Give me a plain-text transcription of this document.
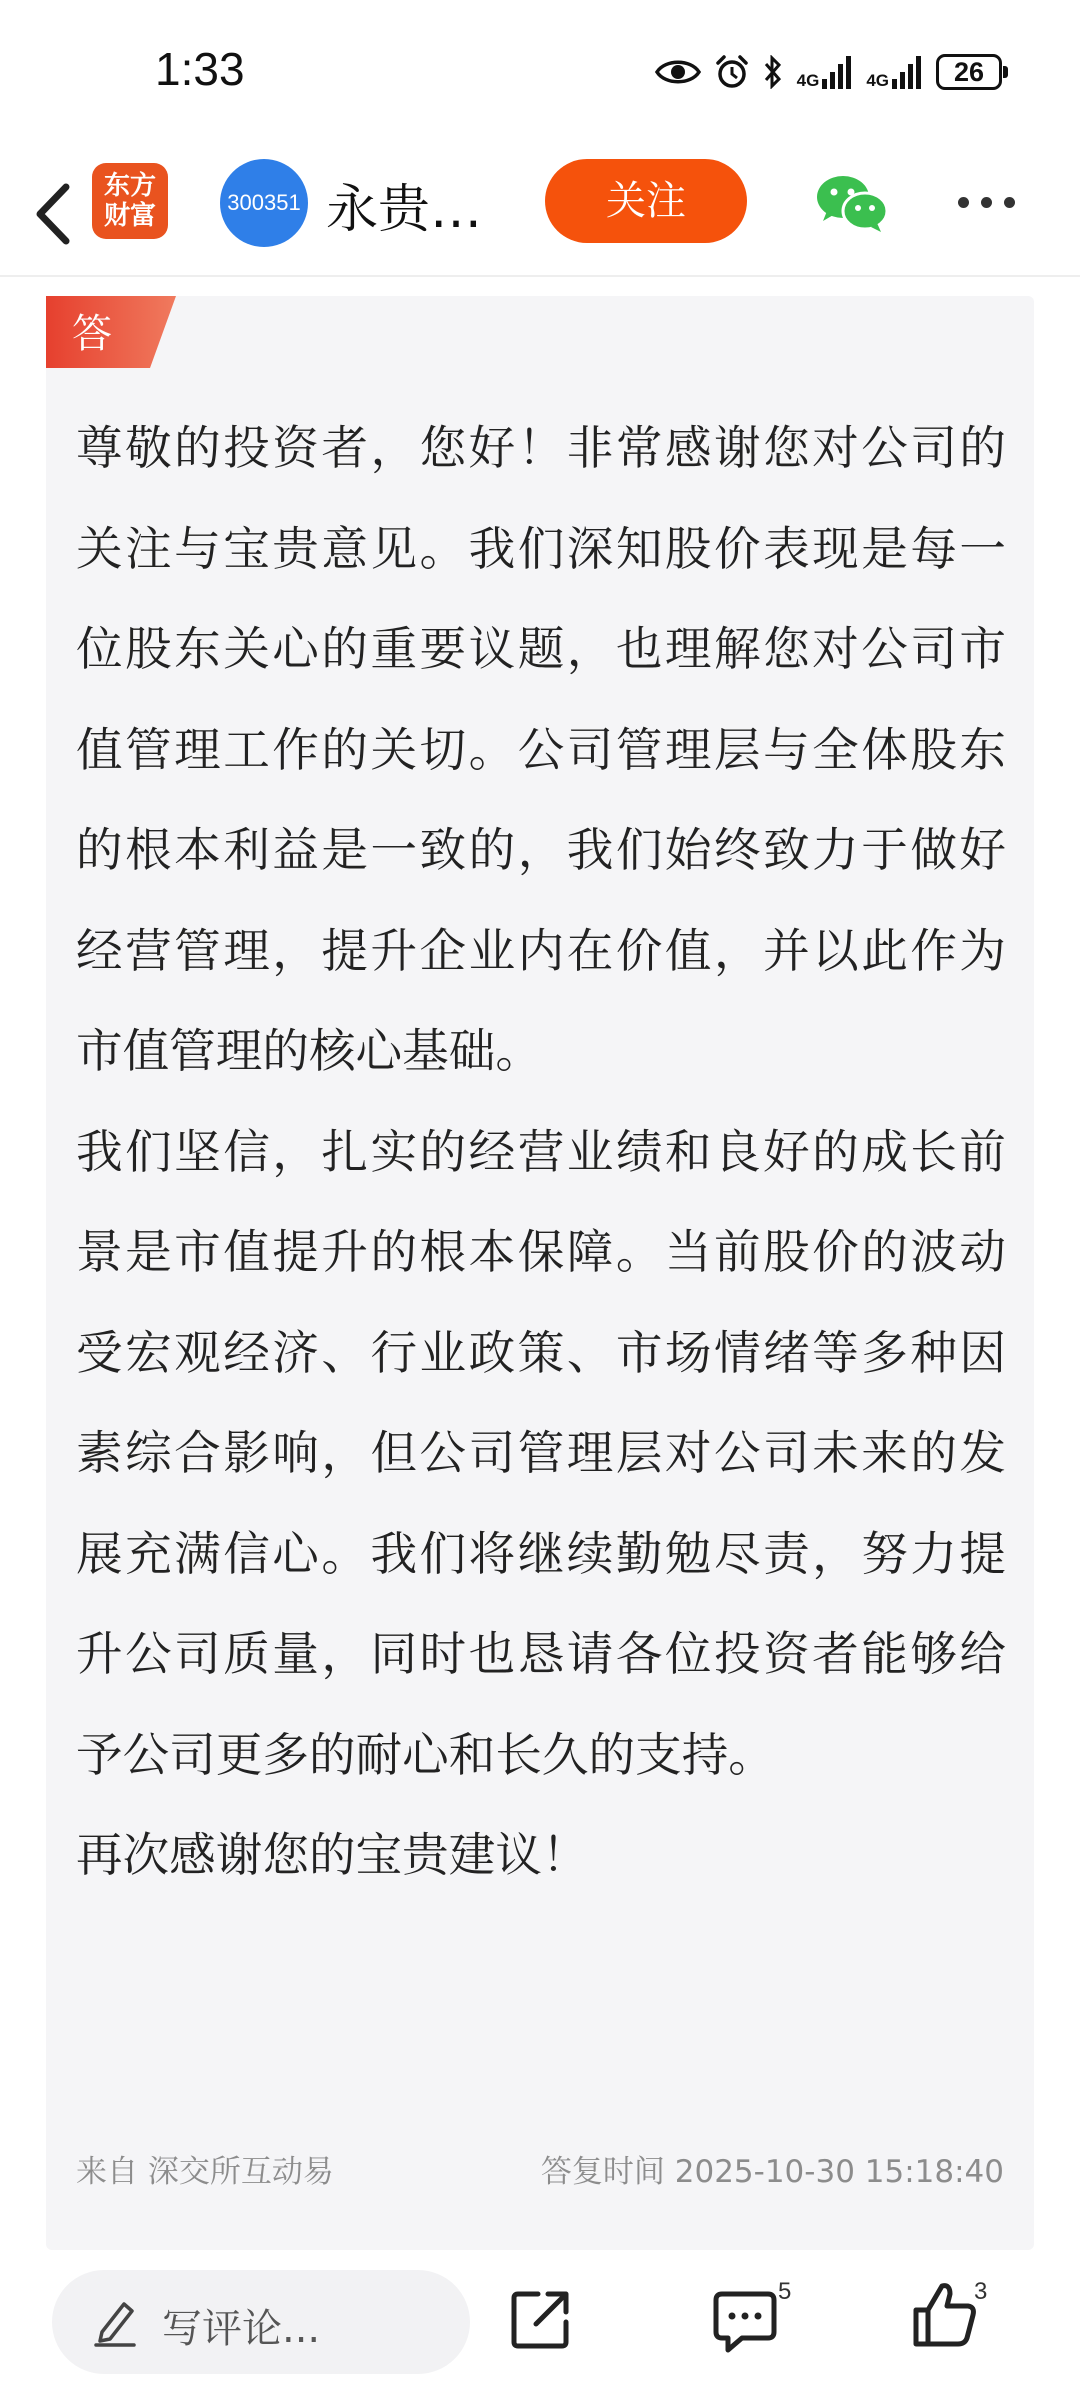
1:33	4G	4G	26
东方
财富	300351 永贵…	关注
答

尊敬的投资者，您好！非常感谢您对公司的关注与宝贵意见。我们深知股价表现是每一位股东关心的重要议题，也理解您对公司市值管理工作的关切。公司管理层与全体股东的根本利益是一致的，我们始终致力于做好经营管理，提升企业内在价值，并以此作为市值管理的核心基础。

我们坚信，扎实的经营业绩和良好的成长前景是市值提升的根本保障。当前股价的波动受宏观经济、行业政策、市场情绪等多种因素综合影响，但公司管理层对公司未来的发展充满信心。我们将继续勤勉尽责，努力提升公司质量，同时也恳请各位投资者能够给予公司更多的耐心和长久的支持。

再次感谢您的宝贵建议！

来自 深交所互动易	答复时间 2025-10-30 15:18:40
写评论...
5	3
